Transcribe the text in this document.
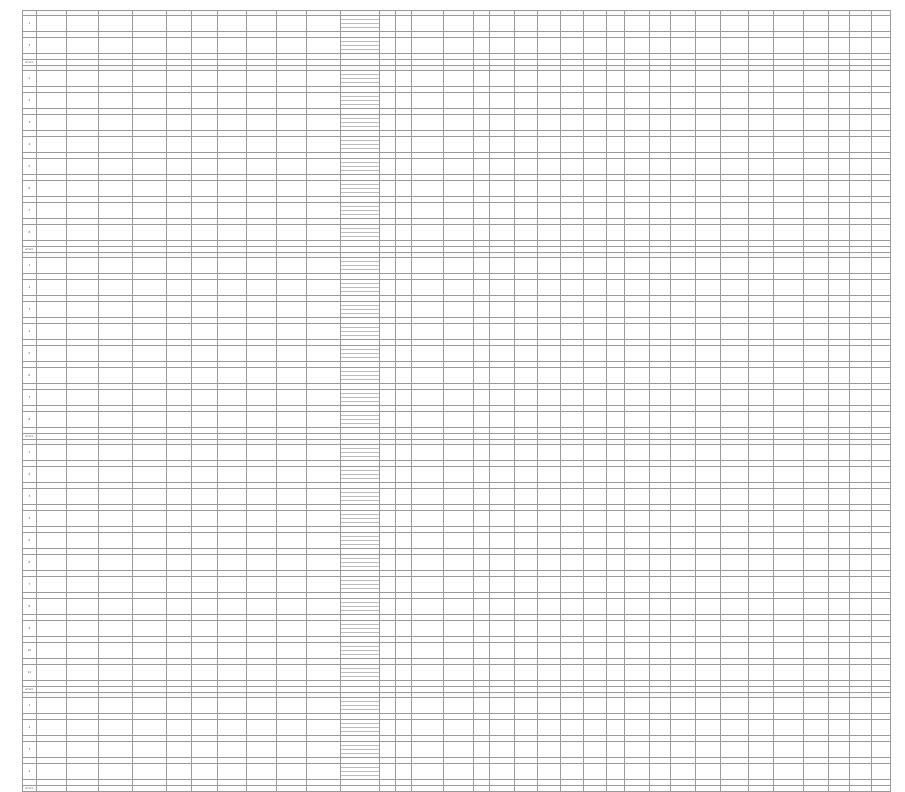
1											

2											

итого																																	

1											

2											

3											

4											

5											

6											

7											

8											

итого																																	

1											

2											

3											

4											

5											

6											

7											

8											

итого																																	

1											

2											

3											

4											

5											

6											

7											

8											

9											

10											

11											

итого																																	

1											

2											

3											

4											

итого																																	
